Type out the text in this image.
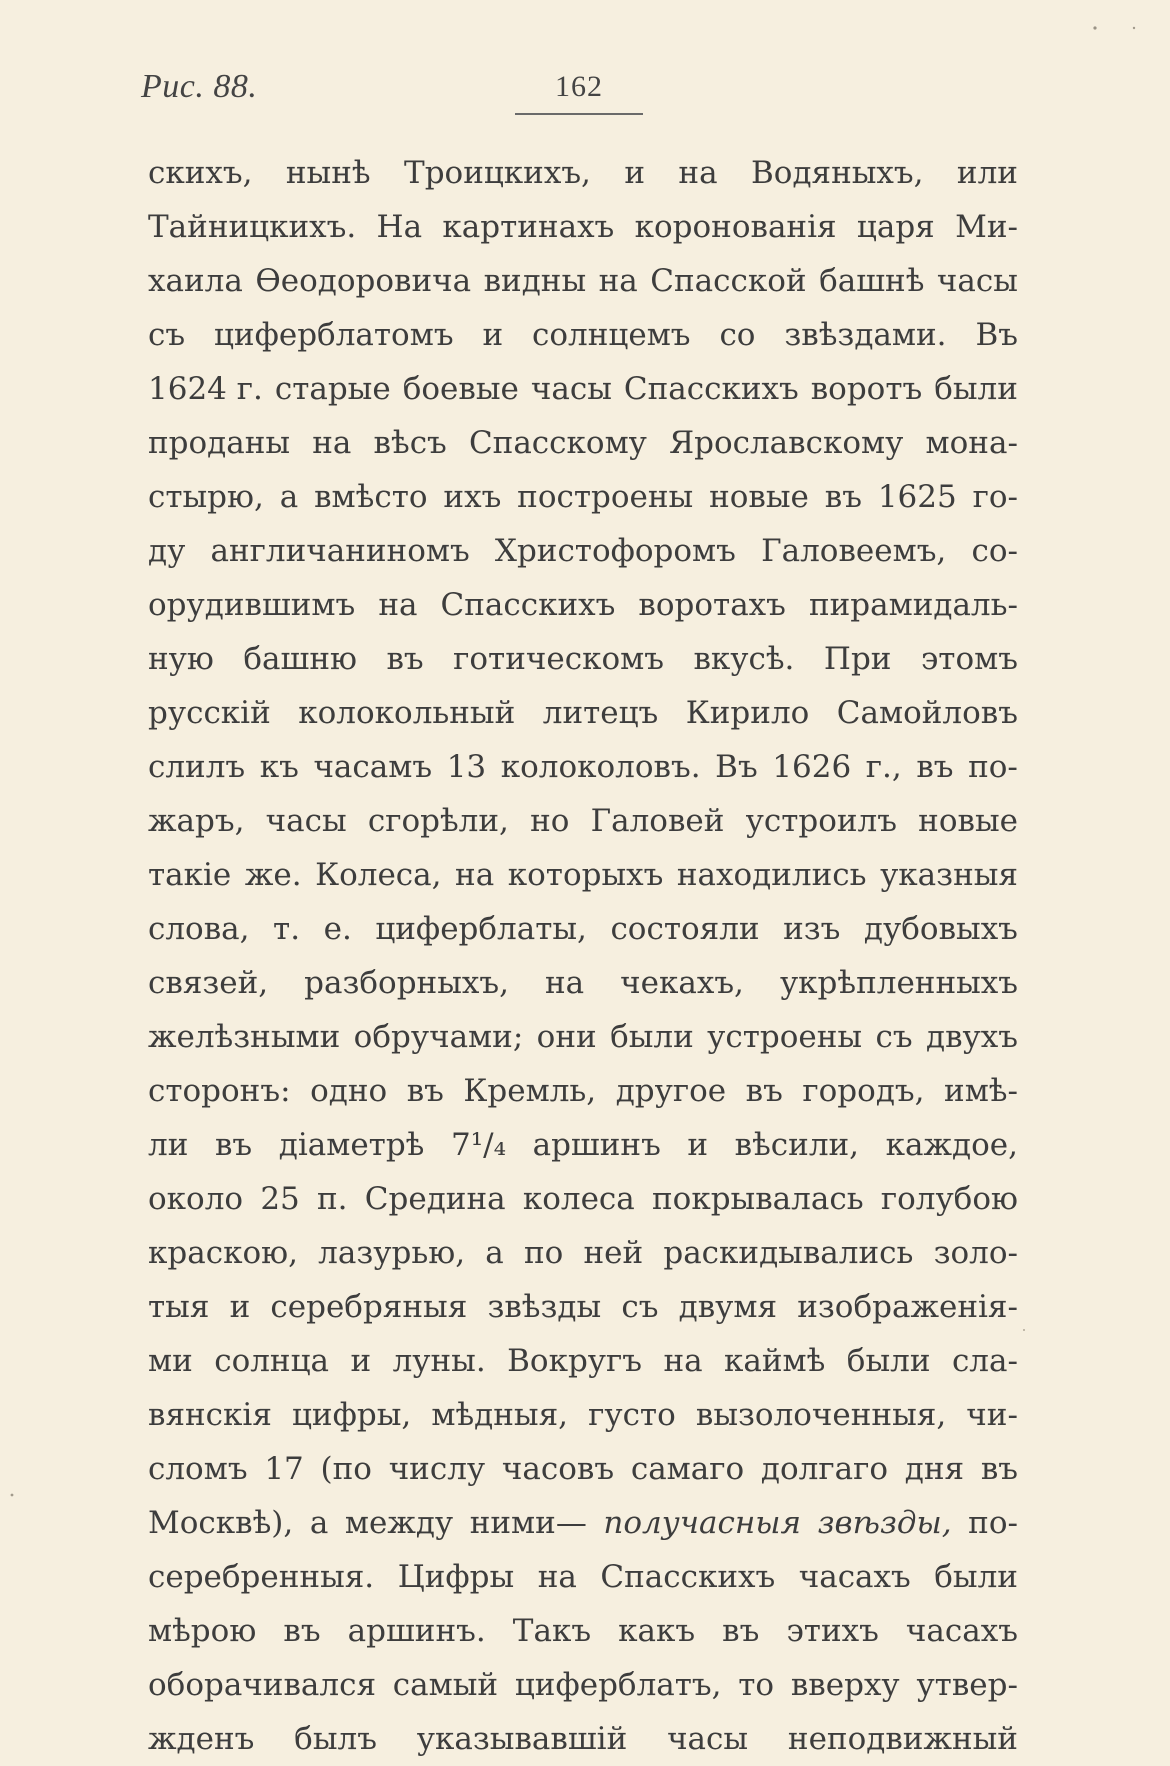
Рис. 88.	162
скихъ, нынѣ Троицкихъ, и на Водяныхъ, или
Тайницкихъ. На картинахъ коронованія царя Ми-
хаила Ѳеодоровича видны на Спасской башнѣ часы
съ циферблатомъ и солнцемъ со звѣздами. Въ
1624 г. старые боевые часы Спасскихъ воротъ были
проданы на вѣсъ Спасскому Ярославскому мона-
стырю, а вмѣсто ихъ построены новые въ 1625 го-
ду англичаниномъ Христофоромъ Галовеемъ, со-
орудившимъ на Спасскихъ воротахъ пирамидаль-
ную башню въ готическомъ вкусѣ. При этомъ
русскій колокольный литецъ Кирило Самойловъ
слилъ къ часамъ 13 колоколовъ. Въ 1626 г., въ по-
жаръ, часы сгорѣли, но Галовей устроилъ новые
такіе же. Колеса, на которыхъ находились указныя
слова, т. е. циферблаты, состояли изъ дубовыхъ
связей, разборныхъ, на чекахъ, укрѣпленныхъ
желѣзными обручами; они были устроены съ двухъ
сторонъ: одно въ Кремль, другое въ городъ, имѣ-
ли въ діаметрѣ 7¹/₄ аршинъ и вѣсили, каждое,
около 25 п. Средина колеса покрывалась голубою
краскою, лазурью, а по ней раскидывались золо-
тыя и серебряныя звѣзды съ двумя изображенія-
ми солнца и луны. Вокругъ на каймѣ были сла-
вянскія цифры, мѣдныя, густо вызолоченныя, чи-
сломъ 17 (по числу часовъ самаго долгаго дня въ
Москвѣ), а между ними— получасныя звѣзды, по-
серебренныя. Цифры на Спасскихъ часахъ были
мѣрою въ аршинъ. Такъ какъ въ этихъ часахъ
оборачивался самый циферблатъ, то вверху утвер-
жденъ былъ указывавшій часы неподвижный
